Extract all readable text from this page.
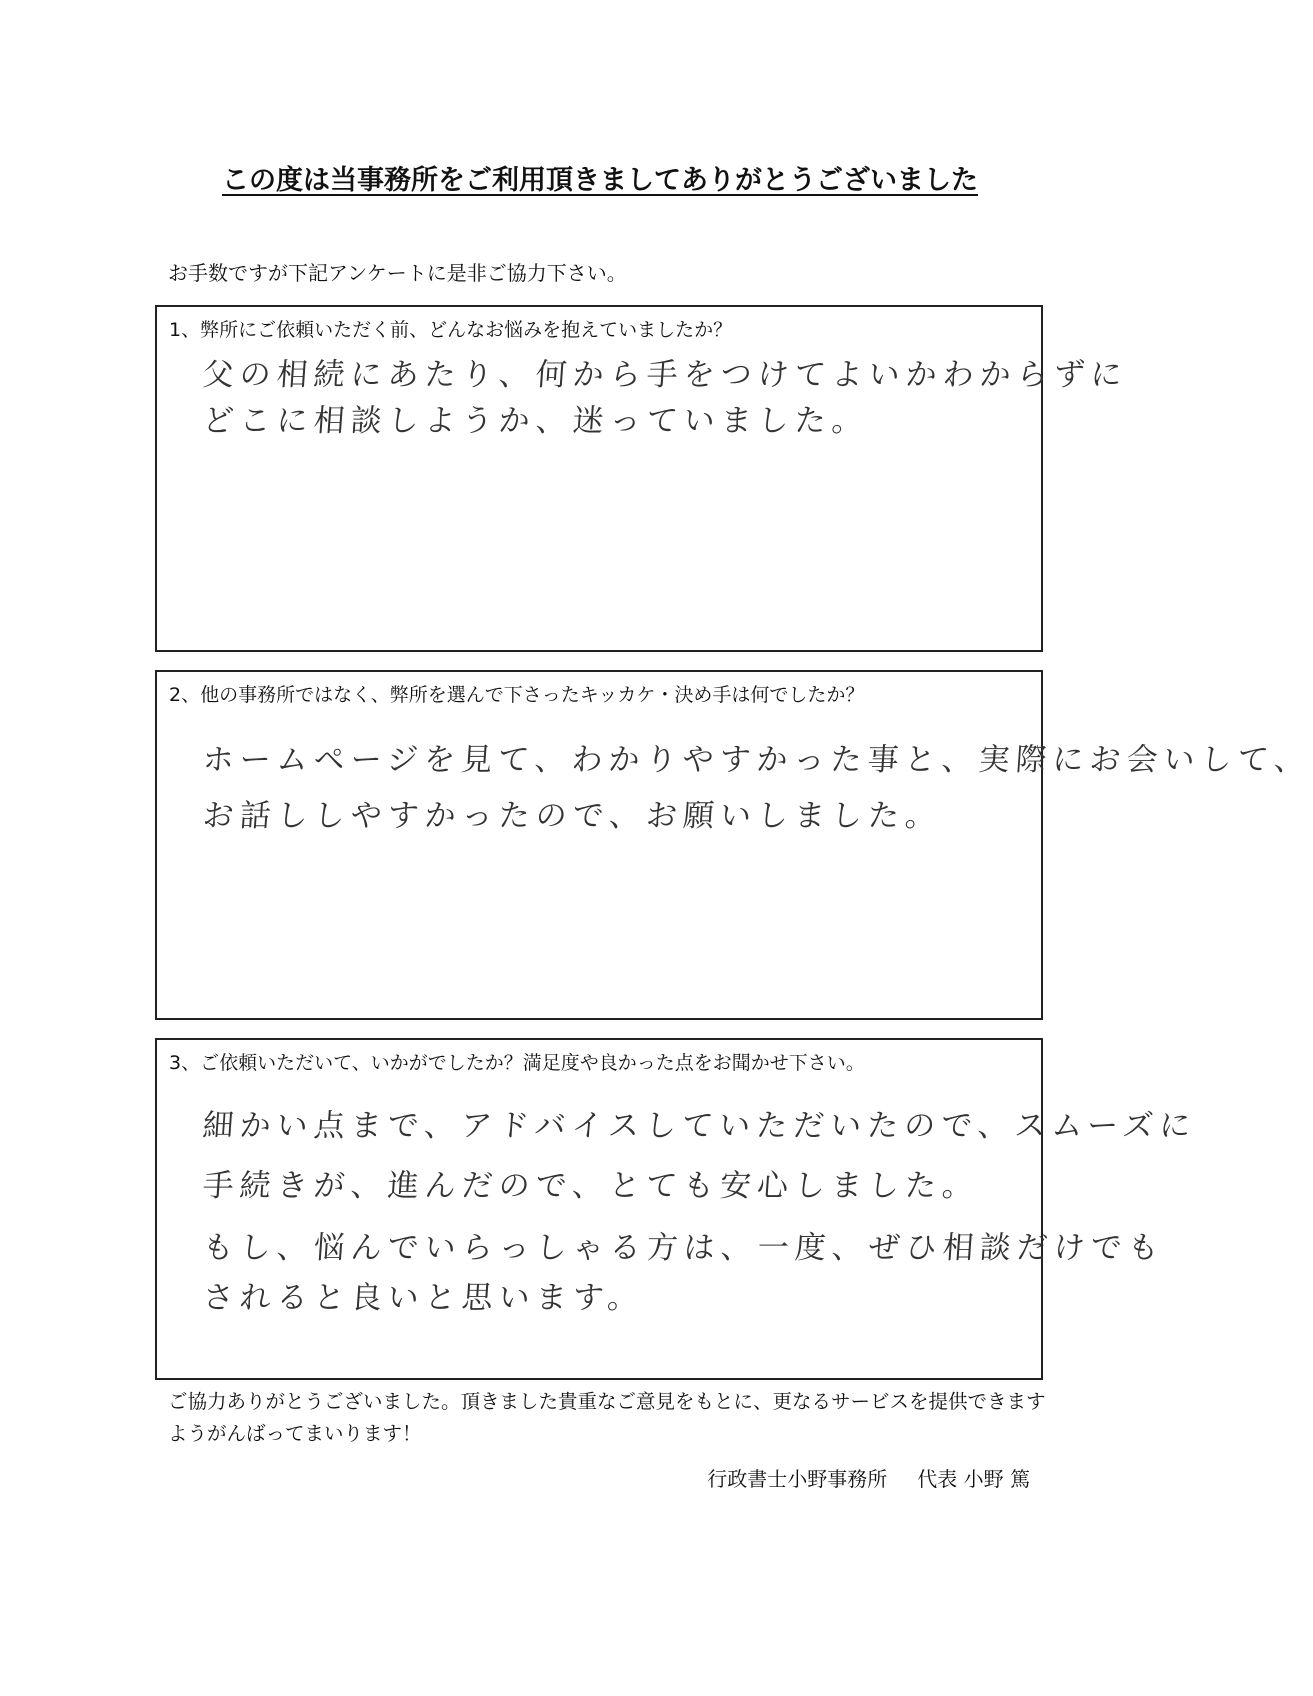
この度は当事務所をご利用頂きましてありがとうございました
お手数ですが下記アンケートに是非ご協力下さい。
1、弊所にご依頼いただく前、どんなお悩みを抱えていましたか？
父の相続にあたり、何から手をつけてよいかわからずに
どこに相談しようか、迷っていました。
2、他の事務所ではなく、弊所を選んで下さったキッカケ・決め手は何でしたか？
ホームページを見て、わかりやすかった事と、実際にお会いして、
お話ししやすかったので、お願いしました。
3、ご依頼いただいて、いかがでしたか？満足度や良かった点をお聞かせ下さい。
細かい点まで、アドバイスしていただいたので、スムーズに
手続きが、進んだので、とても安心しました。
もし、悩んでいらっしゃる方は、一度、ぜひ相談だけでも
されると良いと思います。
ご協力ありがとうございました。頂きました貴重なご意見をもとに、更なるサービスを提供できますようがんばってまいります！
行政書士小野事務所 代表 小野 篤
